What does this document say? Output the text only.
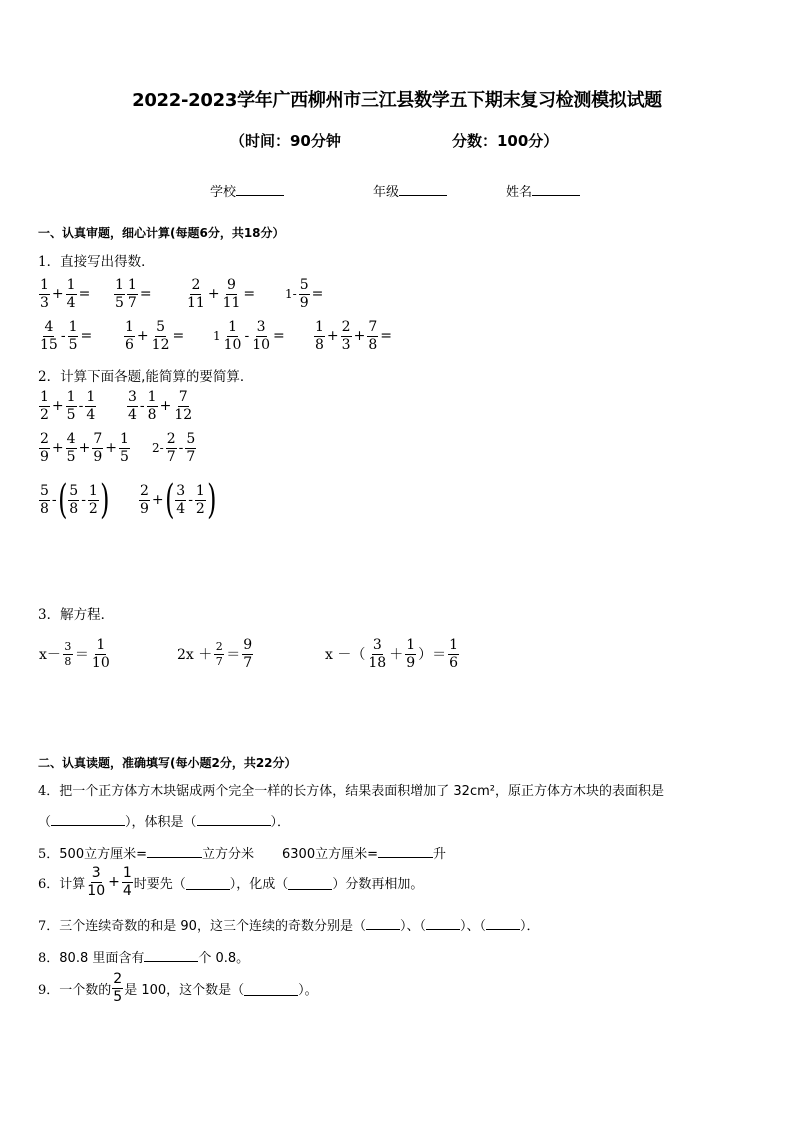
2022-2023学年广西柳州市三江县数学五下期末复习检测模拟试题
（时间：90分钟	分数：100分）
学校	年级	姓名
一、认真审题，细心计算(每题6分，共18分）
1．直接写出得数．
$\frac{1}{3} + \frac{1}{4} = \frac{1}{5} \frac{1}{7} = \frac{2}{11} + \frac{9}{11} = 1- \frac{5}{9}$ =
$\frac{4}{15} - \frac{1}{5} = \frac{1}{6} + \frac{5}{12} = 1 \frac{1}{10} - \frac{3}{10} = \frac{1}{8} + \frac{2}{3} + \frac{7}{8}$ =
2．计算下面各题,能简算的要简算．
$\frac{1}{2} + \frac{1}{5} - \frac{1}{4} \frac{3}{4} - \frac{1}{8} + \frac{7}{12}$
$\frac{2}{9} + \frac{4}{5} + \frac{7}{9} + \frac{1}{5} 2- \frac{2}{7} - \frac{5}{7}$
$\frac{5}{8}$ - ( $\frac{5}{8} - \frac{1}{2}$ ) $\frac{2}{9}$ + ( $\frac{3}{4} - \frac{1}{2}$ )
3．解方程．
$x- \frac{3}{8} = \frac{1}{10}$	$2x + \frac{2}{7} = \frac{9}{7}$	x －（ $\frac{3}{18} + \frac{1}{9}$ ）＝ $\frac{1}{6}$
二、认真读题，准确填写(每小题2分，共22分）
4．把一个正方体方木块锯成两个完全一样的长方体，结果表面积增加了 32cm²，原正方体方木块的表面积是
（	），体积是（	）．
5．500立方厘米=	立方分米 6300立方厘米=	升
6． 计算 $\frac{3}{10} + \frac{1}{4}$ 时要先（	），化成（	）分数再相加。
7．三个连续奇数的和是 90，这三个连续的奇数分别是（	）、（	）、（	）．
8．80.8 里面含有	个 0.8。
9． 一个数的 $\frac{2}{5}$ 是 100，这个数是（	）。
